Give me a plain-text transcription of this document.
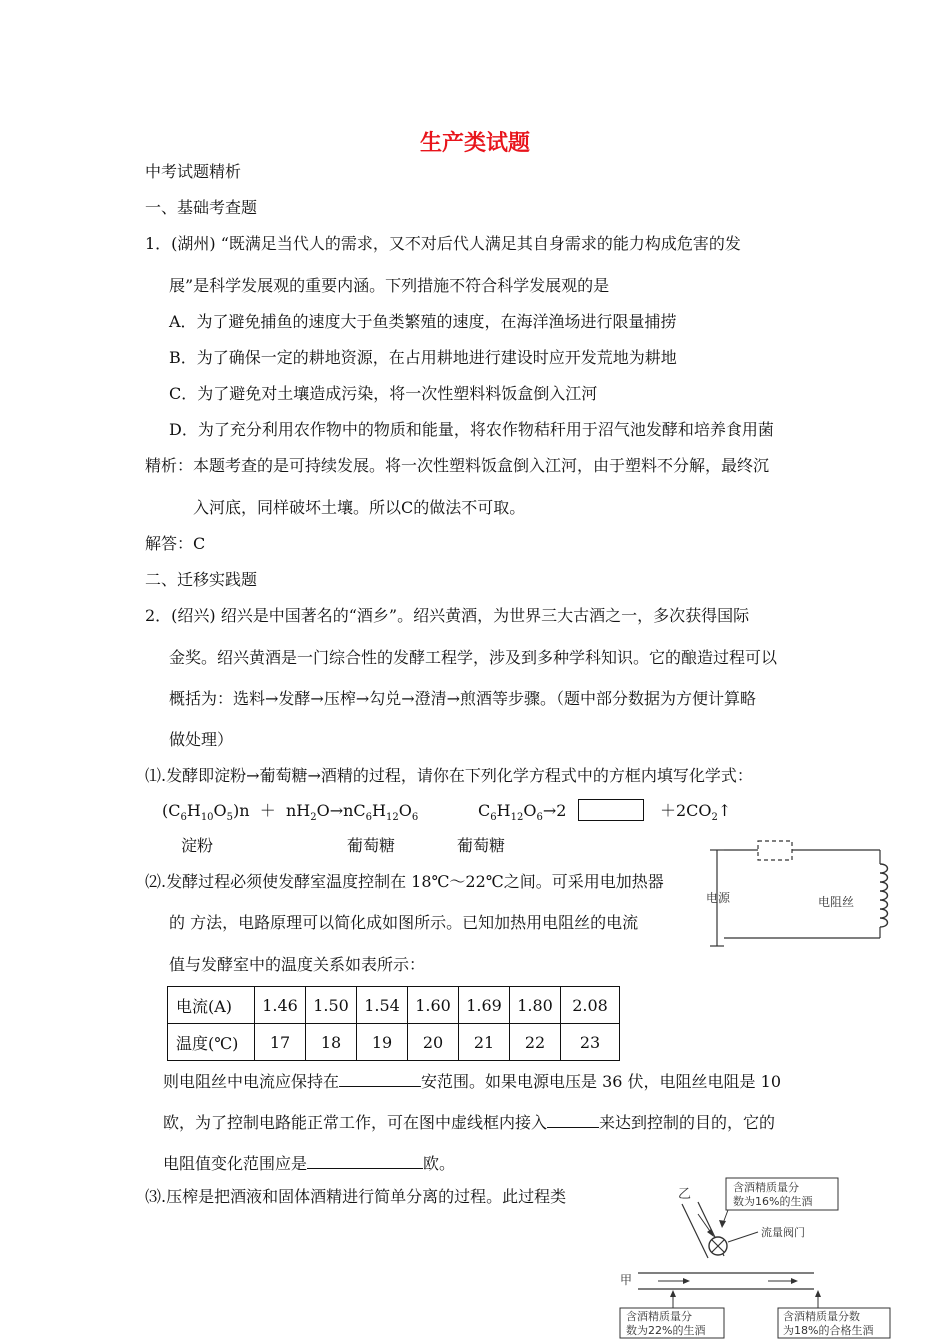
生产类试题
中考试题精析
一、基础考查题
1．(湖州) “既满足当代人的需求，又不对后代人满足其自身需求的能力构成危害的发
展”是科学发展观的重要内涵。下列措施不符合科学发展观的是
A．为了避免捕鱼的速度大于鱼类繁殖的速度，在海洋渔场进行限量捕捞
B．为了确保一定的耕地资源，在占用耕地进行建设时应开发荒地为耕地
C．为了避免对土壤造成污染，将一次性塑料料饭盒倒入江河
D．为了充分利用农作物中的物质和能量，将农作物秸秆用于沼气池发酵和培养食用菌
精析：本题考查的是可持续发展。将一次性塑料饭盒倒入江河，由于塑料不分解，最终沉
入河底，同样破坏土壤。所以C的做法不可取。
解答：C
二、迁移实践题
2．(绍兴) 绍兴是中国著名的“酒乡”。绍兴黄酒，为世界三大古酒之一，多次获得国际
金奖。绍兴黄酒是一门综合性的发酵工程学，涉及到多种学科知识。它的酿造过程可以
概括为：选料→发酵→压榨→勾兑→澄清→煎酒等步骤。（题中部分数据为方便计算略
做处理）
⑴.发酵即淀粉→葡萄糖→酒精的过程，请你在下列化学方程式中的方框内填写化学式：
$(C_6H_{10}O_5)n + nH_2O\to nC_6H_{12}O_6$	$C_6H_{12}O_6\to 2$	$+2CO_2↑$
淀粉	葡萄糖	葡萄糖
⑵.发酵过程必须使发酵室温度控制在 18℃～22℃之间。可采用电加热器
的 方法，电路原理可以简化成如图所示。已知加热用电阻丝的电流
值与发酵室中的温度关系如表所示：
电源	电阻丝
电流(A)	1.46	1.50	1.54	1.60	1.69	1.80	2.08
温度(℃)	17	18	19	20	21	22	23
则电阻丝中电流应保持在	安范围。如果电源电压是 36 伏，电阻丝电阻是 10
欧，为了控制电路能正常工作，可在图中虚线框内接入	来达到控制的目的，它的
电阻值变化范围应是	欧。
⑶.压榨是把酒液和固体酒精进行简单分离的过程。此过程类	含酒精质量分
数为16%的生酒
乙
流量阀门
甲
含酒精质量分
数为22%的生酒
含酒精质量分数
为18%的合格生酒
